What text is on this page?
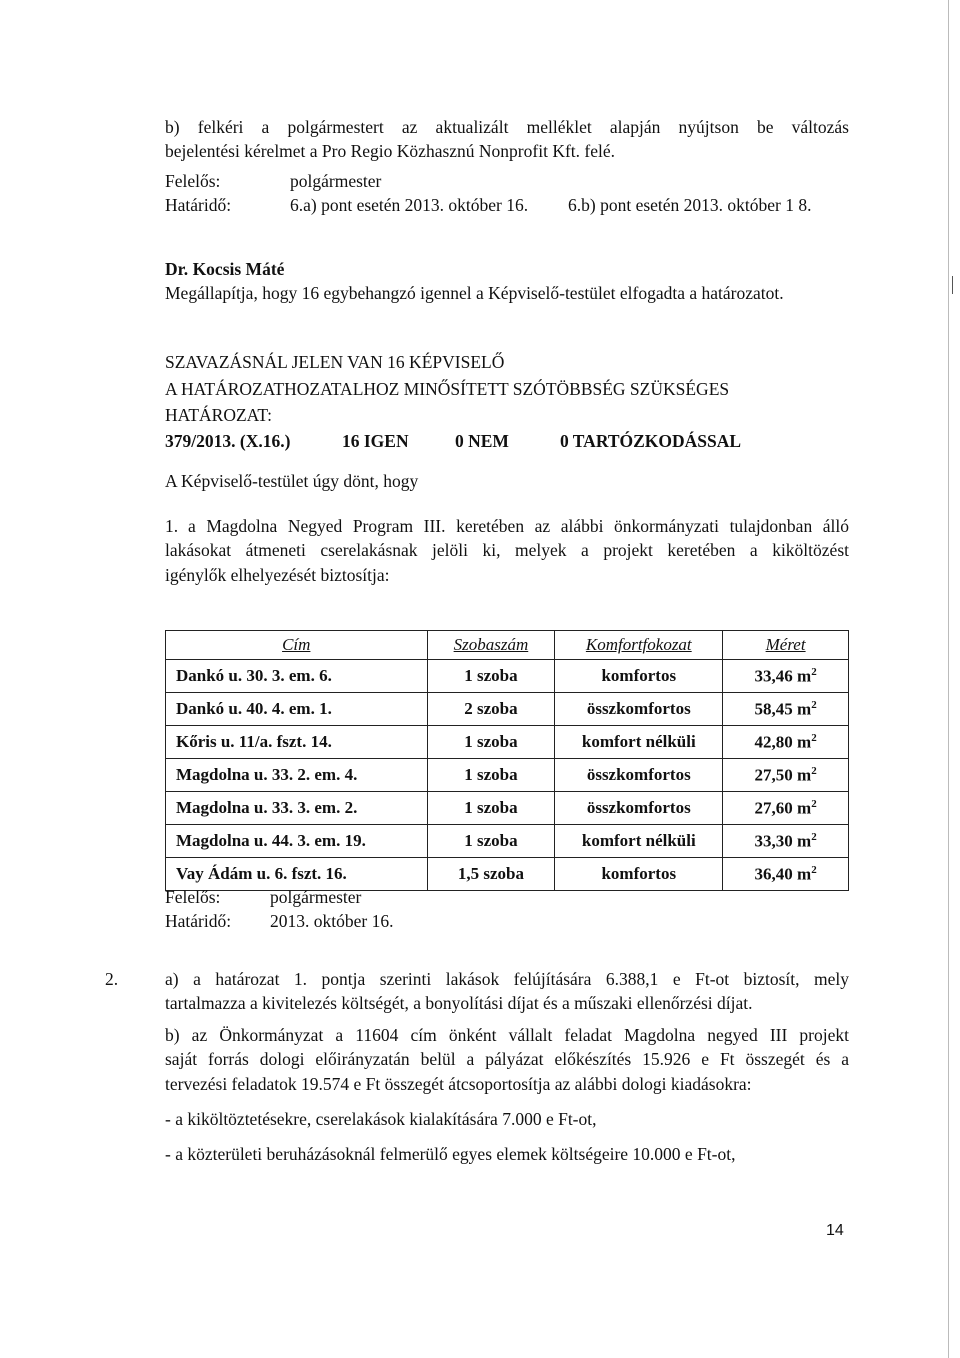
b) felkéri a polgármestert az aktualizált melléklet alapján nyújtson be változás
bejelentési kérelmet a Pro Regio Közhasznú Nonprofit Kft. felé.
Felelős:	polgármester
Határidő:	6.a) pont esetén 2013. október 16. 6.b) pont esetén 2013. október 1 8.
Dr. Kocsis Máté
Megállapítja, hogy 16 egybehangzó igennel a Képviselő-testület elfogadta a határozatot.
SZAVAZÁSNÁL JELEN VAN 16 KÉPVISELŐ
A HATÁROZATHOZATALHOZ MINŐSÍTETT SZÓTÖBBSÉG SZÜKSÉGES
HATÁROZAT:
379/2013. (X.16.)	16 IGEN	0 NEM	0 TARTÓZKODÁSSAL
A Képviselő-testület úgy dönt, hogy
1. a Magdolna Negyed Program III. keretében az alábbi önkormányzati tulajdonban álló
lakásokat átmeneti cserelakásnak jelöli ki, melyek a projekt keretében a kiköltözést
igénylők elhelyezését biztosítja:
Cím	Szobaszám	Komfortfokozat	Méret
Dankó u. 30. 3. em. 6.	1 szoba	komfortos	33,46 $m^2$
Dankó u. 40. 4. em. 1.	2 szoba	összkomfortos	58,45 $m^2$
Kőris u. 11/a. fszt. 14.	1 szoba	komfort nélküli	42,80 $m^2$
Magdolna u. 33. 2. em. 4.	1 szoba	összkomfortos	27,50 $m^2$
Magdolna u. 33. 3. em. 2.	1 szoba	összkomfortos	27,60 $m^2$
Magdolna u. 44. 3. em. 19.	1 szoba	komfort nélküli	33,30 $m^2$
Vay Ádám u. 6. fszt. 16.	1,5 szoba	komfortos	36,40 $m^2$
Felelős:	polgármester
Határidő: 2013. október 16.
2.	a) a határozat 1. pontja szerinti lakások felújítására 6.388,1 e Ft-ot biztosít, mely
tartalmazza a kivitelezés költségét, a bonyolítási díjat és a műszaki ellenőrzési díjat.
b) az Önkormányzat a 11604 cím önként vállalt feladat Magdolna negyed III projekt
saját forrás dologi előirányzatán belül a pályázat előkészítés 15.926 e Ft összegét és a
tervezési feladatok 19.574 e Ft összegét átcsoportosítja az alábbi dologi kiadásokra:
- a kiköltöztetésekre, cserelakások kialakítására 7.000 e Ft-ot,
- a közterületi beruházásoknál felmerülő egyes elemek költségeire 10.000 e Ft-ot,
14
